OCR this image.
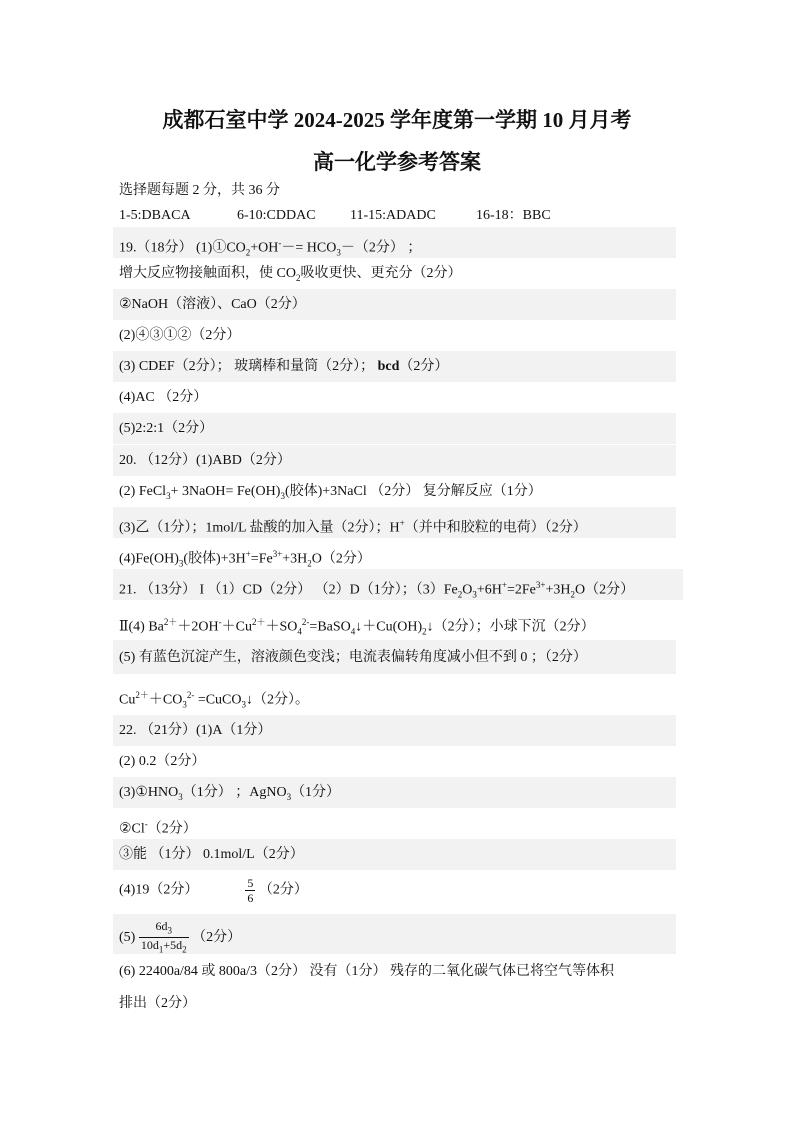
成都石室中学 2024-2025 学年度第一学期 10 月月考
高一化学参考答案
选择题每题 2 分，共 36 分
1-5:DBACA	6-10:CDDAC 11-15:ADADC	16-18：BBC
19.（18分） $(1)①CO_2+OH^--= HCO_3-(2$分） ；
增大反应物接触面积，使 $CO_2$吸收更快、更充分（2分）
②NaOH（溶液）、CaO（2分）
(2)④③①②（2分）
(3) CDEF（2分）； 玻璃棒和量筒（2分）； bcd（2分）
(4)AC （2分）
(5)2:2:1（2分）
20. （12分）(1)ABD（2分）
(2) FeCl$_3$+ 3NaOH= $Fe(OH)_3$(胶体)+3NaCl （2分） 复分解反应（1分）
(3)乙（1分）；1mol/L 盐酸的加入量（2分）；H+（并中和胶粒的电荷）（2分）
$(4)Fe(OH)_3$(胶体)$+3H^+=Fe^{3+}+3H_2O(2$分）
21. （13分） I （1）CD（2分） （2）D（1分）；$(3)Fe_2O_3+6H^+=2Fe^{3+}+3H_2O(2$分）
Ⅱ(4) $Ba^{2+}+2OH^-+Cu^{2+}+SO_4^{2-}=BaSO_4↓+Cu(OH)_2↓(2$分）；小球下沉（2分）
(5) 有蓝色沉淀产生，溶液颜色变浅；电流表偏转角度减小但不到 0 ；（2分）
$Cu^{2+}+CO_3^{2-}$ =CuCO$_3$↓（2分）。
22. （21分）(1)A（1分）
(2) 0.2（2分）
$(3)①HNO_3(1$分） ；AgNO$_3$（1分）
②Cl-（2分）
③能 （1分） 0.1mol/L（2分）
(4)19（2分）	$\frac{5}{6} (2$分）
$(5) \frac{6d_3}{10d_1+5d_2} (2$分）
(6) 22400a/84 或 800a/3（2分） 没有（1分） 残存的二氧化碳气体已将空气等体积
排出（2分）
